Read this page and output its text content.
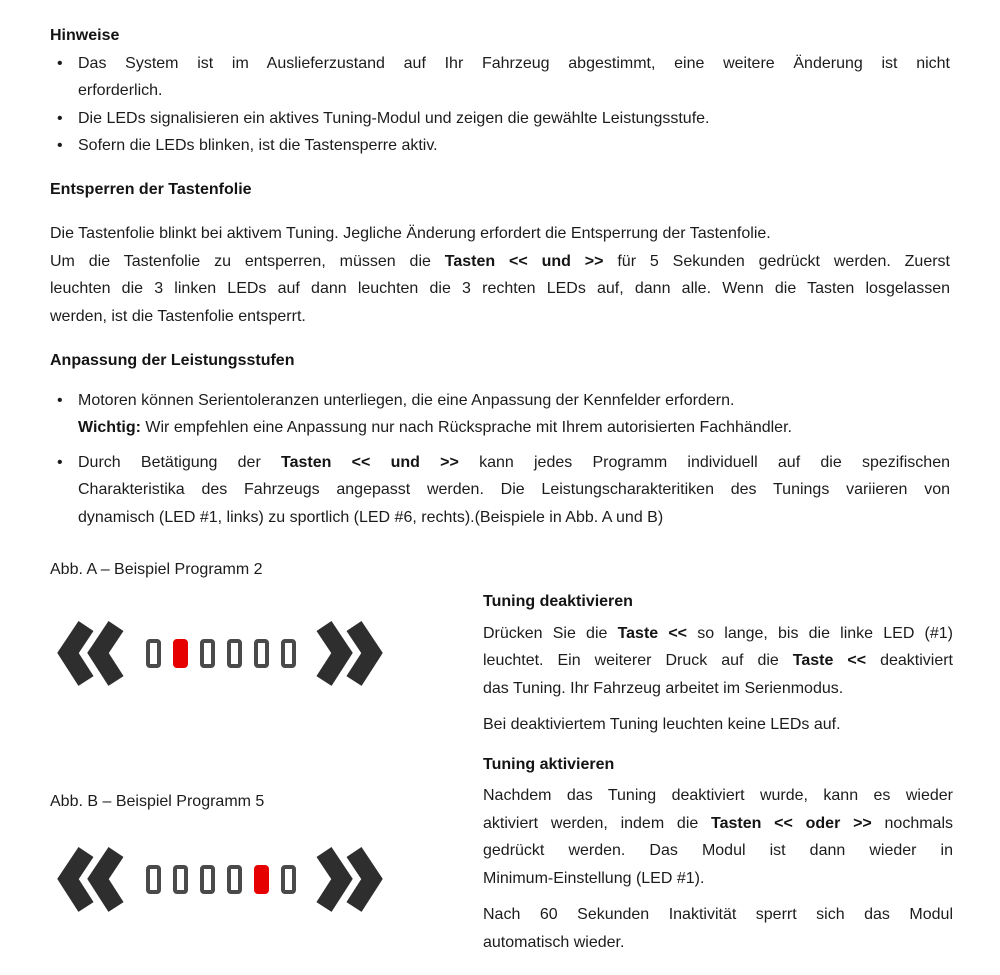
Hinweise
• Das System ist im Auslieferzustand auf Ihr Fahrzeug abgestimmt, eine weitere Änderung ist nicht
erforderlich.
• Die LEDs signalisieren ein aktives Tuning-Modul und zeigen die gewählte Leistungsstufe.
• Sofern die LEDs blinken, ist die Tastensperre aktiv.
Entsperren der Tastenfolie
Die Tastenfolie blinkt bei aktivem Tuning. Jegliche Änderung erfordert die Entsperrung der Tastenfolie.
Um die Tastenfolie zu entsperren, müssen die Tasten << und >> für 5 Sekunden gedrückt werden. Zuerst
leuchten die 3 linken LEDs auf dann leuchten die 3 rechten LEDs auf, dann alle. Wenn die Tasten losgelassen
werden, ist die Tastenfolie entsperrt.
Anpassung der Leistungsstufen
• Motoren können Serientoleranzen unterliegen, die eine Anpassung der Kennfelder erfordern.
Wichtig: Wir empfehlen eine Anpassung nur nach Rücksprache mit Ihrem autorisierten Fachhändler.
• Durch Betätigung der Tasten << und >> kann jedes Programm individuell auf die spezifischen
Charakteristika des Fahrzeugs angepasst werden. Die Leistungscharakteritiken des Tunings variieren von
dynamisch (LED #1, links) zu sportlich (LED #6, rechts).(Beispiele in Abb. A und B)
Abb. A – Beispiel Programm 2
Abb. B – Beispiel Programm 5
Tuning deaktivieren
Drücken Sie die Taste << so lange, bis die linke LED (#1)
leuchtet. Ein weiterer Druck auf die Taste << deaktiviert
das Tuning. Ihr Fahrzeug arbeitet im Serienmodus.
Bei deaktiviertem Tuning leuchten keine LEDs auf.
Tuning aktivieren
Nachdem das Tuning deaktiviert wurde, kann es wieder
aktiviert werden, indem die Tasten << oder >> nochmals
gedrückt werden. Das Modul ist dann wieder in
Minimum-Einstellung (LED #1).
Nach 60 Sekunden Inaktivität sperrt sich das Modul
automatisch wieder.
